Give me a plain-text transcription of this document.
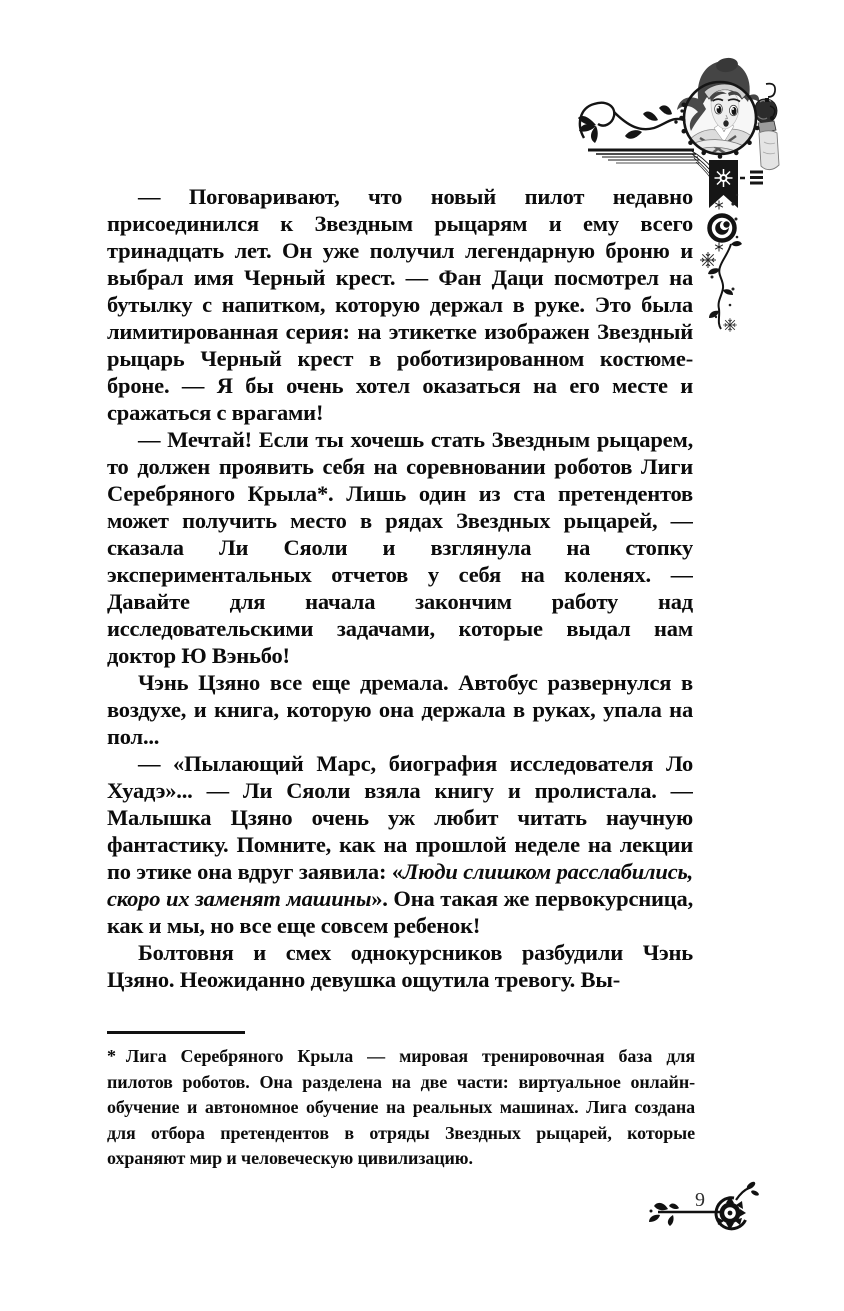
— Поговаривают, что новый пилот недавно присоединился к Звездным рыцарям и ему всего тринадцать лет. Он уже получил легендарную броню и выбрал имя Черный крест. — Фан Даци посмотрел на бутылку с напитком, которую держал в руке. Это была лимитированная серия: на этикетке изображен Звездный рыцарь Черный крест в роботизированном костюме-броне. — Я бы очень хотел оказаться на его месте и сражаться с врагами!

— Мечтай! Если ты хочешь стать Звездным рыцарем, то должен проявить себя на соревновании роботов Лиги Серебряного Крыла*. Лишь один из ста претендентов может получить место в рядах Звездных рыцарей, — сказала Ли Сяоли и взглянула на стопку экспериментальных отчетов у себя на коленях. — Давайте для начала закончим работу над исследовательскими задачами, которые выдал нам доктор Ю Вэньбо!

Чэнь Цзяно все еще дремала. Автобус развернулся в воздухе, и книга, которую она держала в руках, упала на пол...

— «Пылающий Марс, биография исследователя Ло Хуадэ»... — Ли Сяоли взяла книгу и пролистала. — Малышка Цзяно очень уж любит читать научную фантастику. Помните, как на прошлой неделе на лекции по этике она вдруг заявила: «Люди слишком расслабились, скоро их заменят машины». Она такая же первокурсница, как и мы, но все еще совсем ребенок!

Болтовня и смех однокурсников разбудили Чэнь Цзяно. Неожиданно девушка ощутила тревогу. Вы-

* Лига Серебряного Крыла — мировая тренировочная база для пилотов роботов. Она разделена на две части: виртуальное онлайн-обучение и автономное обучение на реальных машинах. Лига создана для отбора претендентов в отряды Звездных рыцарей, которые охраняют мир и человеческую цивилизацию.
9
